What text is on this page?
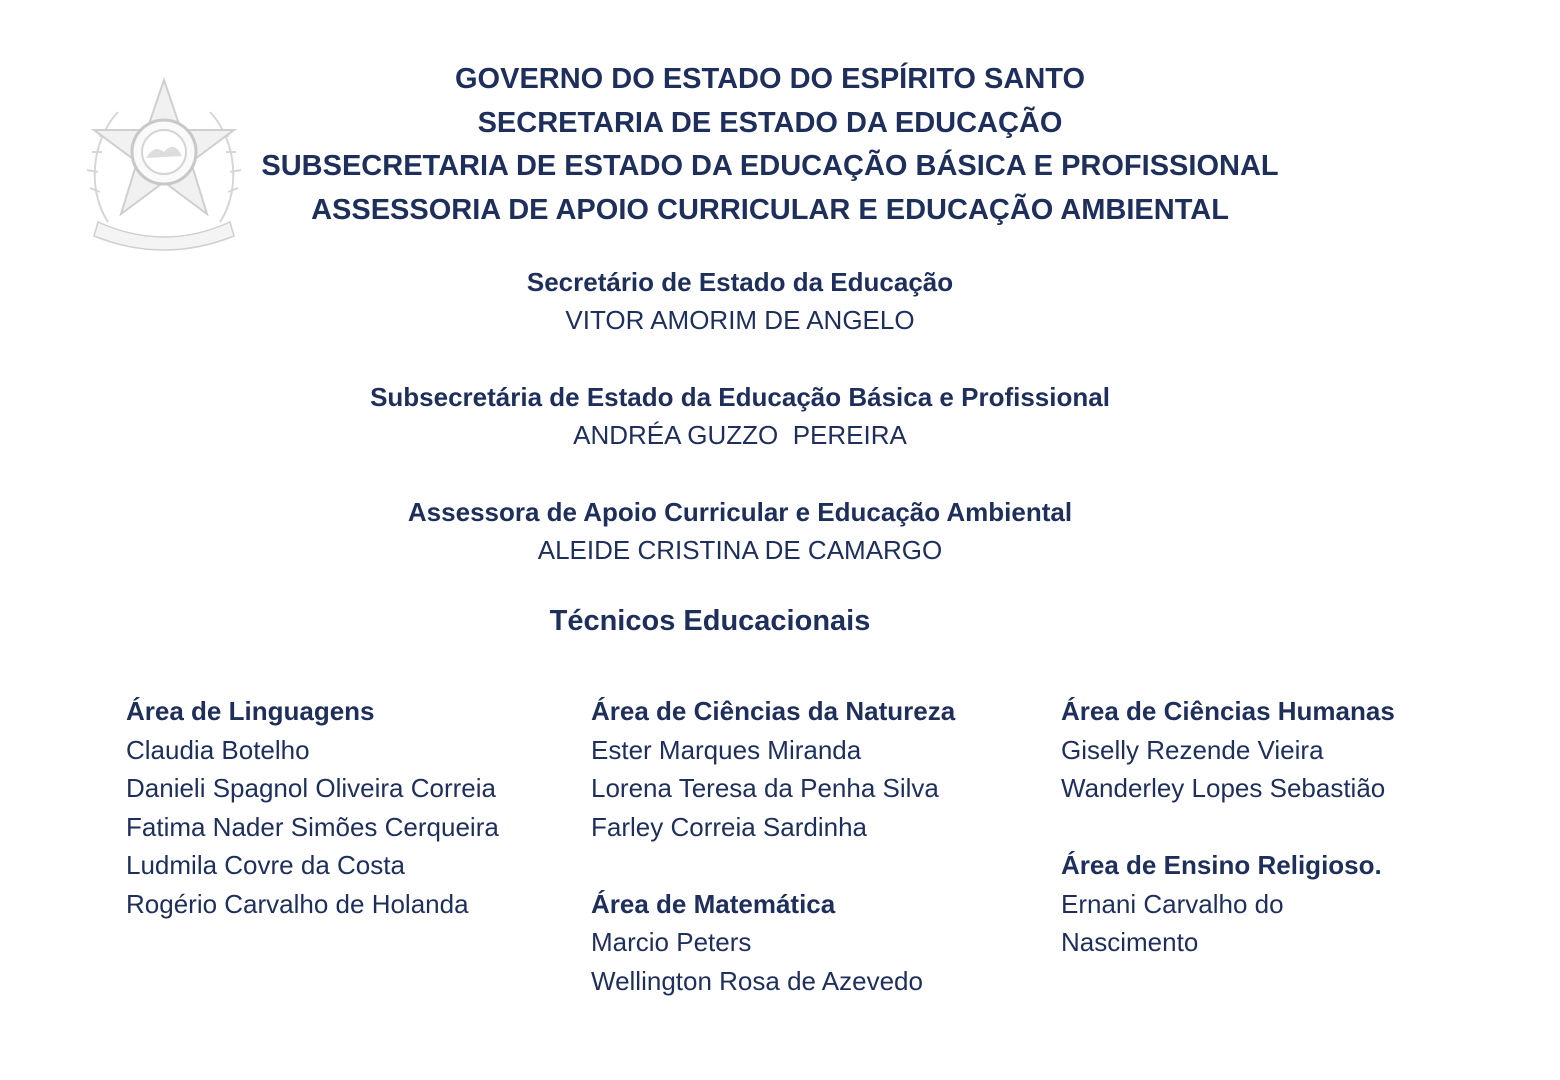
GOVERNO DO ESTADO DO ESPÍRITO SANTO
SECRETARIA DE ESTADO DA EDUCAÇÃO
SUBSECRETARIA DE ESTADO DA EDUCAÇÃO BÁSICA E PROFISSIONAL
ASSESSORIA DE APOIO CURRICULAR E EDUCAÇÃO AMBIENTAL
Secretário de Estado da Educação
VITOR AMORIM DE ANGELO
Subsecretária de Estado da Educação Básica e Profissional
ANDRÉA GUZZO  PEREIRA
Assessora de Apoio Curricular e Educação Ambiental
ALEIDE CRISTINA DE CAMARGO
Técnicos Educacionais
Área de Linguagens
Claudia Botelho
Danieli Spagnol Oliveira Correia
Fatima Nader Simões Cerqueira
Ludmila Covre da Costa
Rogério Carvalho de Holanda
Área de Ciências da Natureza
Ester Marques Miranda
Lorena Teresa da Penha Silva
Farley Correia Sardinha
Área de Matemática
Marcio Peters
Wellington Rosa de Azevedo
Área de Ciências Humanas
Giselly Rezende Vieira
Wanderley Lopes Sebastião
Área de Ensino Religioso.
Ernani Carvalho do
Nascimento
